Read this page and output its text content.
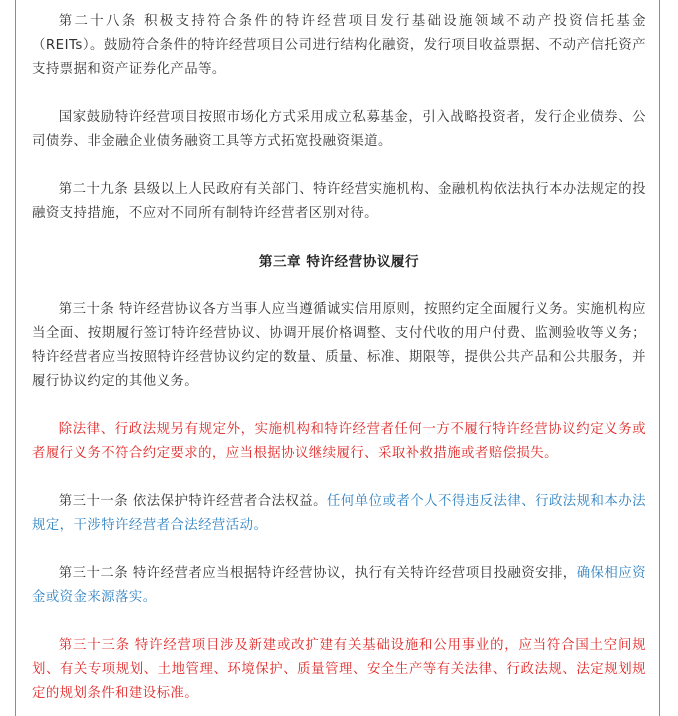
第二十八条 积极支持符合条件的特许经营项目发行基础设施领域不动产投资信托基金（REITs）。鼓励符合条件的特许经营项目公司进行结构化融资，发行项目收益票据、不动产信托资产支持票据和资产证券化产品等。

国家鼓励特许经营项目按照市场化方式采用成立私募基金，引入战略投资者，发行企业债券、公司债券、非金融企业债务融资工具等方式拓宽投融资渠道。

第二十九条 县级以上人民政府有关部门、特许经营实施机构、金融机构依法执行本办法规定的投融资支持措施，不应对不同所有制特许经营者区别对待。

第三章 特许经营协议履行

第三十条 特许经营协议各方当事人应当遵循诚实信用原则，按照约定全面履行义务。实施机构应当全面、按期履行签订特许经营协议、协调开展价格调整、支付代收的用户付费、监测验收等义务；特许经营者应当按照特许经营协议约定的数量、质量、标准、期限等，提供公共产品和公共服务，并履行协议约定的其他义务。

除法律、行政法规另有规定外，实施机构和特许经营者任何一方不履行特许经营协议约定义务或者履行义务不符合约定要求的，应当根据协议继续履行、采取补救措施或者赔偿损失。

第三十一条 依法保护特许经营者合法权益。任何单位或者个人不得违反法律、行政法规和本办法规定，干涉特许经营者合法经营活动。

第三十二条 特许经营者应当根据特许经营协议，执行有关特许经营项目投融资安排，确保相应资金或资金来源落实。

第三十三条 特许经营项目涉及新建或改扩建有关基础设施和公用事业的，应当符合国土空间规划、有关专项规划、土地管理、环境保护、质量管理、安全生产等有关法律、行政法规、法定规划规定的规划条件和建设标准。
